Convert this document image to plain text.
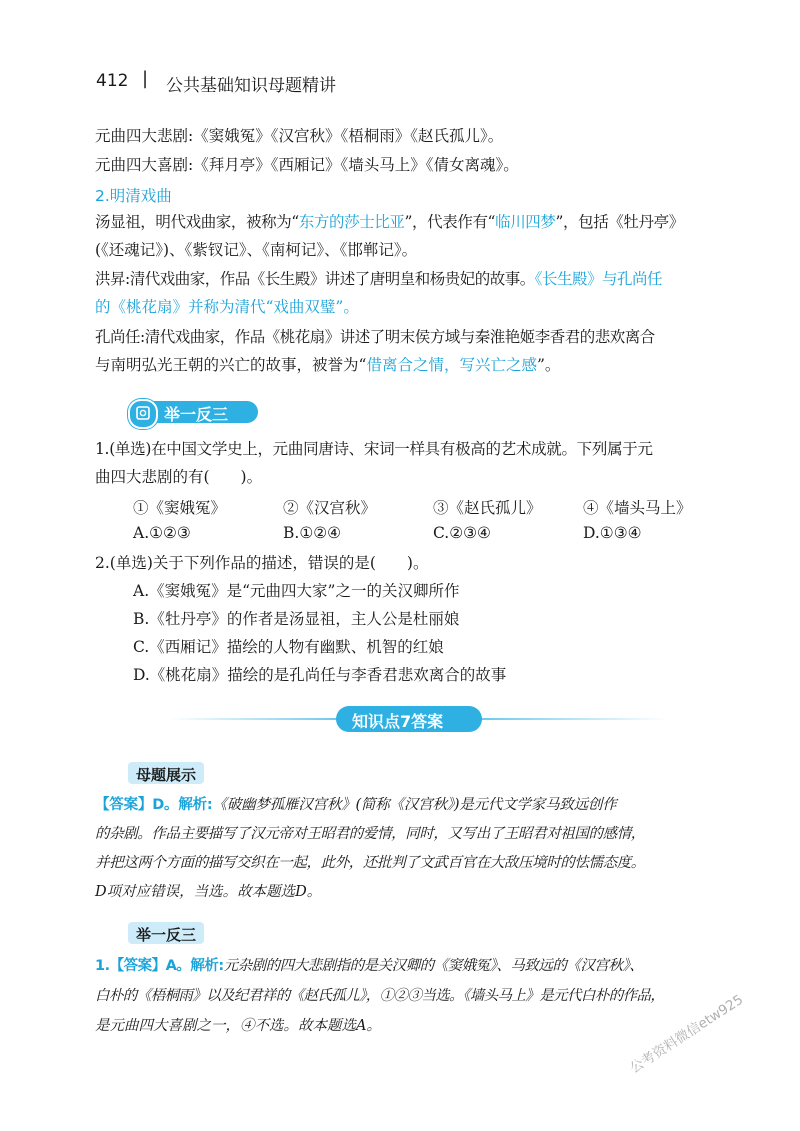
412 | 公共基础知识母题精讲
元曲四大悲剧:《窦娥冤》《汉宫秋》《梧桐雨》《赵氏孤儿》。
元曲四大喜剧:《拜月亭》《西厢记》《墙头马上》《倩女离魂》。
2.明清戏曲
汤显祖，明代戏曲家，被称为“东方的莎士比亚”，代表作有“临川四梦”，包括《牡丹亭》
(《还魂记》)、《紫钗记》、《南柯记》、《邯郸记》。
洪昇:清代戏曲家，作品《长生殿》讲述了唐明皇和杨贵妃的故事。《长生殿》与孔尚任
的《桃花扇》并称为清代“戏曲双璧”。
孔尚任:清代戏曲家，作品《桃花扇》讲述了明末侯方域与秦淮艳姬李香君的悲欢离合
与南明弘光王朝的兴亡的故事，被誉为“借离合之情，写兴亡之感”。
举一反三
1.(单选)在中国文学史上，元曲同唐诗、宋词一样具有极高的艺术成就。下列属于元
曲四大悲剧的有(　　)。
①《窦娥冤》	②《汉宫秋》	③《赵氏孤儿》	④《墙头马上》
A.①②③	B.①②④	C.②③④	D.①③④
2.(单选)关于下列作品的描述，错误的是(　　)。
A.《窦娥冤》是“元曲四大家”之一的关汉卿所作
B.《牡丹亭》的作者是汤显祖，主人公是杜丽娘
C.《西厢记》描绘的人物有幽默、机智的红娘
D.《桃花扇》描绘的是孔尚任与李香君悲欢离合的故事
知识点7答案
母题展示
【答案】D。解析:《破幽梦孤雁汉宫秋》(简称《汉宫秋》)是元代文学家马致远创作
的杂剧。作品主要描写了汉元帝对王昭君的爱情，同时，又写出了王昭君对祖国的感情，
并把这两个方面的描写交织在一起，此外，还批判了文武百官在大敌压境时的怯懦态度。
D项对应错误，当选。故本题选D。
举一反三
1.【答案】A。解析:元杂剧的四大悲剧指的是关汉卿的《窦娥冤》、马致远的《汉宫秋》、
白朴的《梧桐雨》以及纪君祥的《赵氏孤儿》，①②③当选。《墙头马上》是元代白朴的作品，
是元曲四大喜剧之一，④不选。故本题选A。	公考资料微信etw925
